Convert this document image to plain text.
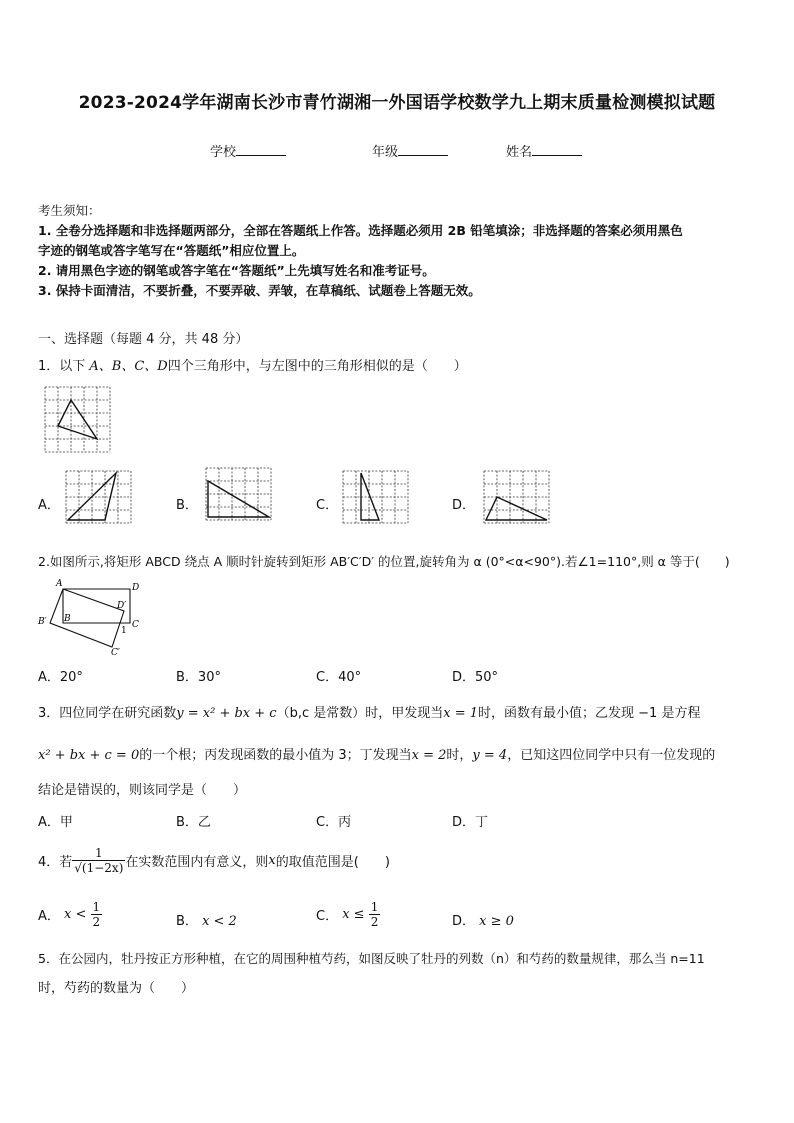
2023-2024学年湖南长沙市青竹湖湘一外国语学校数学九上期末质量检测模拟试题
学校	年级	姓名

考生须知：

1. 全卷分选择题和非选择题两部分，全部在答题纸上作答。选择题必须用 2B 铅笔填涂；非选择题的答案必须用黑色

字迹的钢笔或答字笔写在“答题纸”相应位置上。

2. 请用黑色字迹的钢笔或答字笔在“答题纸”上先填写姓名和准考证号。

3. 保持卡面清洁，不要折叠，不要弄破、弄皱，在草稿纸、试题卷上答题无效。

一、选择题（每题 4 分，共 48 分）
1．以下 A、B、C、D四个三角形中，与左图中的三角形相似的是（　　）
A．	B．	C．	D．
2.如图所示,将矩形 ABCD 绕点 A 顺时针旋转到矩形 AB′C′D′ 的位置,旋转角为 α (0°<α<90°).若∠1=110°,则 α 等于(　　)
A	D
D′
B′ B
1
C
C′
A．20°	B．30°	C．40°	D．50°
3．四位同学在研究函数y = x² + bx + c（b,c 是常数）时，甲发现当x = 1时，函数有最小值；乙发现 −1 是方程
x² + bx + c = 0的一个根；丙发现函数的最小值为 3；丁发现当x = 2时，y = 4，已知这四位同学中只有一位发现的
结论是错误的，则该同学是（　　）
A．甲	B．乙	C．丙	D．丁
4．若 $\frac{1}{√(1-2x)}$ 在实数范围内有意义，则x的取值范围是(　　)
A． $x < \frac{1}{2}$	B． x < 2	C． $x \le \frac{1}{2}$	D． x ≥ 0
5．在公园内，牡丹按正方形种植，在它的周围种植芍药，如图反映了牡丹的列数（n）和芍药的数量规律，那么当 n=11
时，芍药的数量为（　　）
